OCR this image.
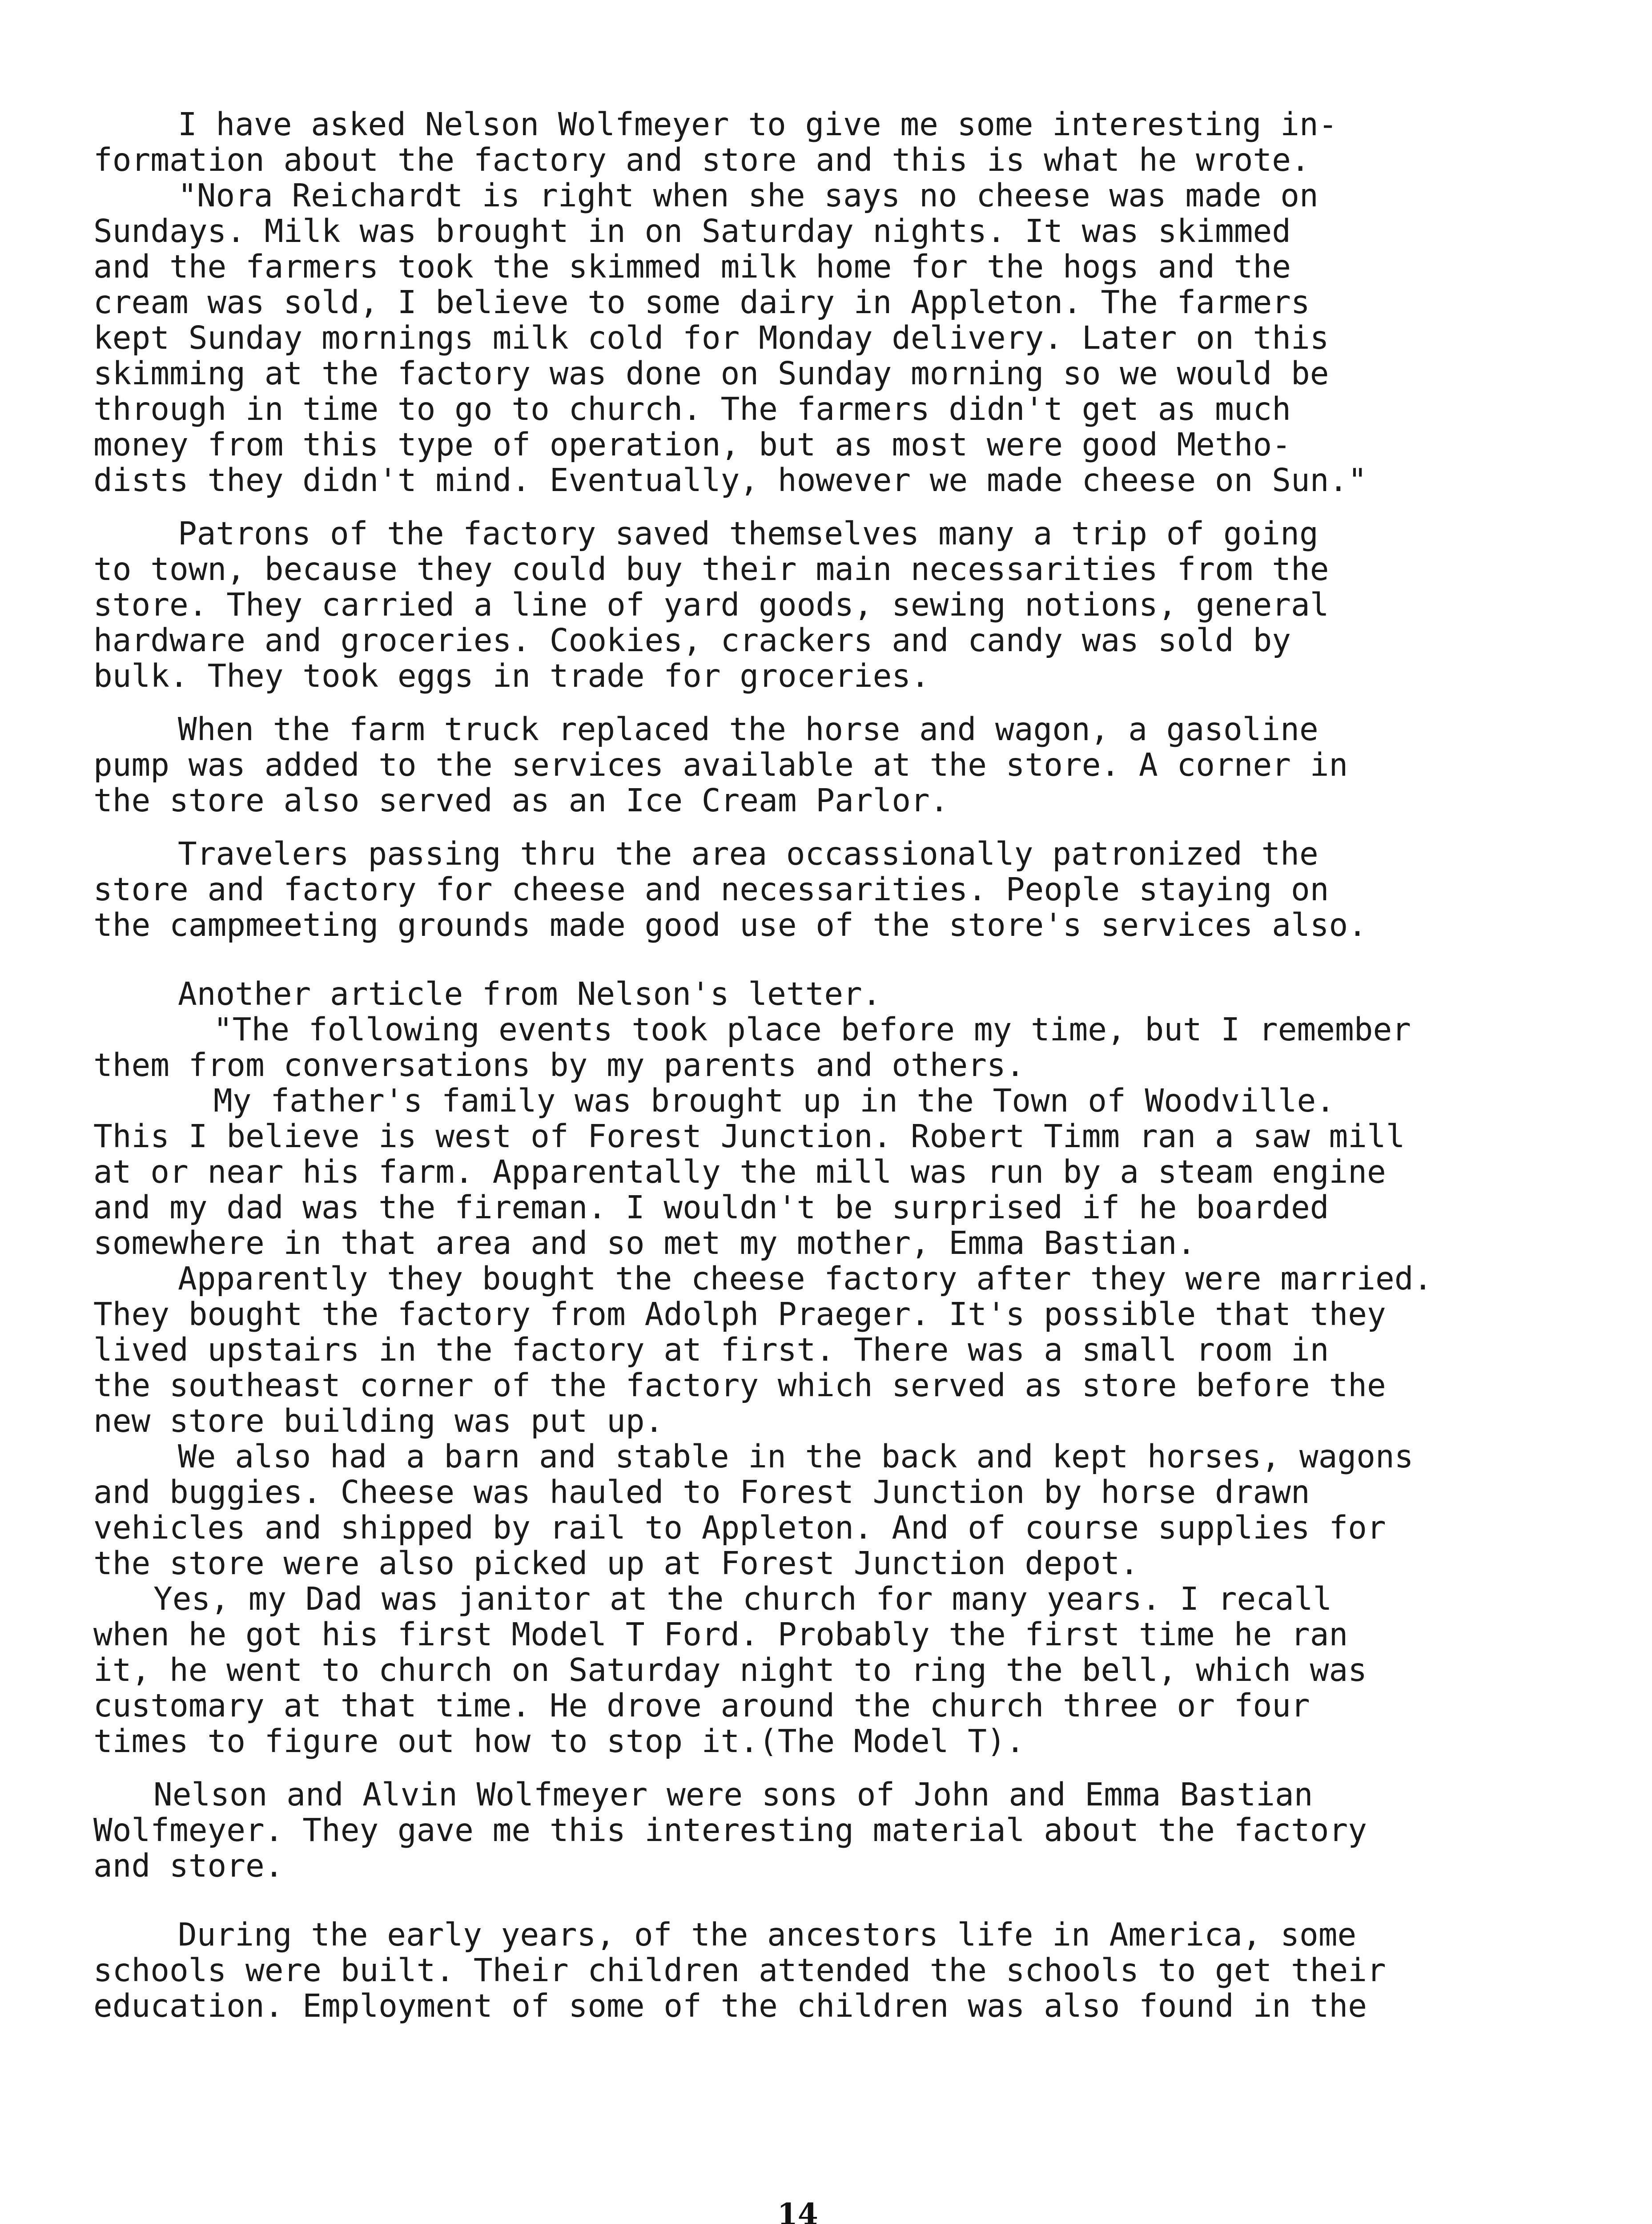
I have asked Nelson Wolfmeyer to give me some interesting in-
formation about the factory and store and this is what he wrote.
"Nora Reichardt is right when she says no cheese was made on
Sundays. Milk was brought in on Saturday nights. It was skimmed
and the farmers took the skimmed milk home for the hogs and the
cream was sold, I believe to some dairy in Appleton. The farmers
kept Sunday mornings milk cold for Monday delivery. Later on this
skimming at the factory was done on Sunday morning so we would be
through in time to go to church. The farmers didn't get as much
money from this type of operation, but as most were good Metho-
dists they didn't mind. Eventually, however we made cheese on Sun."
Patrons of the factory saved themselves many a trip of going
to town, because they could buy their main necessarities from the
store. They carried a line of yard goods, sewing notions, general
hardware and groceries. Cookies, crackers and candy was sold by
bulk. They took eggs in trade for groceries.
When the farm truck replaced the horse and wagon, a gasoline
pump was added to the services available at the store. A corner in
the store also served as an Ice Cream Parlor.
Travelers passing thru the area occassionally patronized the
store and factory for cheese and necessarities. People staying on
the campmeeting grounds made good use of the store's services also.
Another article from Nelson's letter.
"The following events took place before my time, but I remember
them from conversations by my parents and others.
My father's family was brought up in the Town of Woodville.
This I believe is west of Forest Junction. Robert Timm ran a saw mill
at or near his farm. Apparentally the mill was run by a steam engine
and my dad was the fireman. I wouldn't be surprised if he boarded
somewhere in that area and so met my mother, Emma Bastian.
Apparently they bought the cheese factory after they were married.
They bought the factory from Adolph Praeger. It's possible that they
lived upstairs in the factory at first. There was a small room in
the southeast corner of the factory which served as store before the
new store building was put up.
We also had a barn and stable in the back and kept horses, wagons
and buggies. Cheese was hauled to Forest Junction by horse drawn
vehicles and shipped by rail to Appleton. And of course supplies for
the store were also picked up at Forest Junction depot.
Yes, my Dad was janitor at the church for many years. I recall
when he got his first Model T Ford. Probably the first time he ran
it, he went to church on Saturday night to ring the bell, which was
customary at that time. He drove around the church three or four
times to figure out how to stop it.(The Model T).
Nelson and Alvin Wolfmeyer were sons of John and Emma Bastian
Wolfmeyer. They gave me this interesting material about the factory
and store.
During the early years, of the ancestors life in America, some
schools were built. Their children attended the schools to get their
education. Employment of some of the children was also found in the
14
